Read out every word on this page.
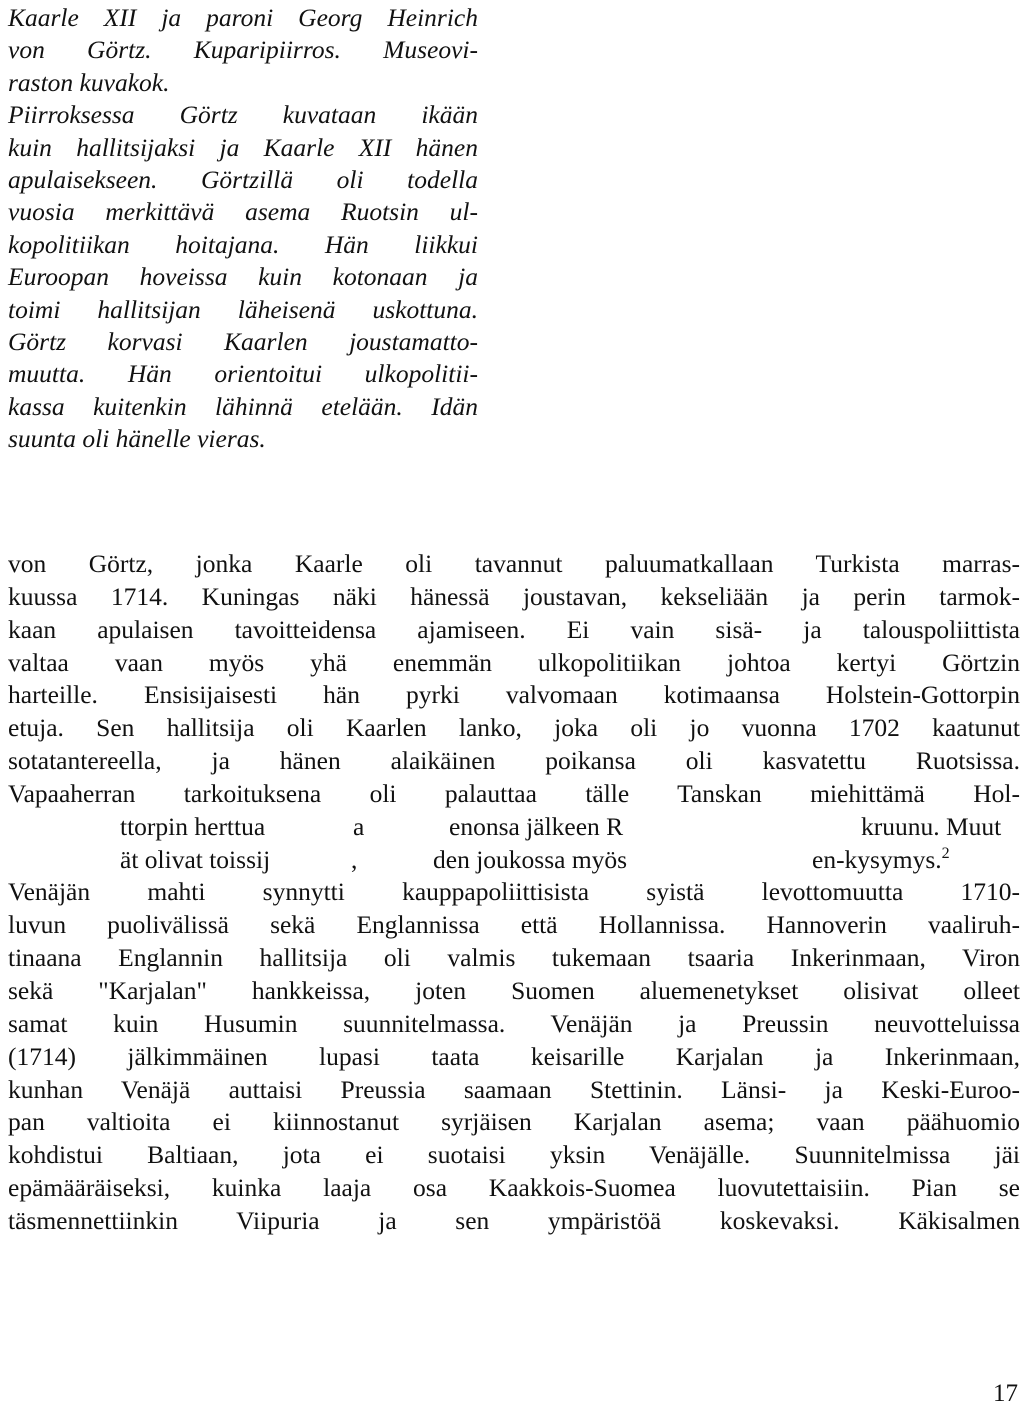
Kaarle XII ja paroni Georg Heinrich
von Görtz. Kuparipiirros. Museovi-
raston kuvakok.
Piirroksessa Görtz kuvataan ikään
kuin hallitsijaksi ja Kaarle XII hänen
apulaisekseen. Görtzillä oli todella
vuosia merkittävä asema Ruotsin ul-
kopolitiikan hoitajana. Hän liikkui
Euroopan hoveissa kuin kotonaan ja
toimi hallitsijan läheisenä uskottuna.
Görtz korvasi Kaarlen joustamatto-
muutta. Hän orientoitui ulkopolitii-
kassa kuitenkin lähinnä etelään. Idän
suunta oli hänelle vieras.
von Görtz, jonka Kaarle oli tavannut paluumatkallaan Turkista marras-
kuussa 1714. Kuningas näki hänessä joustavan, kekseliään ja perin tarmok-
kaan apulaisen tavoitteidensa ajamiseen. Ei vain sisä- ja talouspoliittista
valtaa vaan myös yhä enemmän ulkopolitiikan johtoa kertyi Görtzin
harteille. Ensisijaisesti hän pyrki valvomaan kotimaansa Holstein-Gottorpin
etuja. Sen hallitsija oli Kaarlen lanko, joka oli jo vuonna 1702 kaatunut
sotatantereella, ja hänen alaikäinen poikansa oli kasvatettu Ruotsissa.
Vapaaherran tarkoituksena oli palauttaa tälle Tanskan miehittämä Hol-
ttorpin herttua	a	enonsa jälkeen R	kruunu. Muut
ät olivat toissij	,	den joukossa myös	en-kysymys.$^2$
Venäjän mahti synnytti kauppapoliittisista syistä levottomuutta 1710-
luvun puolivälissä sekä Englannissa että Hollannissa. Hannoverin vaaliruh-
tinaana Englannin hallitsija oli valmis tukemaan tsaaria Inkerinmaan, Viron
sekä "Karjalan" hankkeissa, joten Suomen aluemenetykset olisivat olleet
samat kuin Husumin suunnitelmassa. Venäjän ja Preussin neuvotteluissa
(1714) jälkimmäinen lupasi taata keisarille Karjalan ja Inkerinmaan,
kunhan Venäjä auttaisi Preussia saamaan Stettinin. Länsi- ja Keski-Euroo-
pan valtioita ei kiinnostanut syrjäisen Karjalan asema; vaan päähuomio
kohdistui Baltiaan, jota ei suotaisi yksin Venäjälle. Suunnitelmissa jäi
epämääräiseksi, kuinka laaja osa Kaakkois-Suomea luovutettaisiin. Pian se
täsmennettiinkin Viipuria ja sen ympäristöä koskevaksi. Käkisalmen

17
